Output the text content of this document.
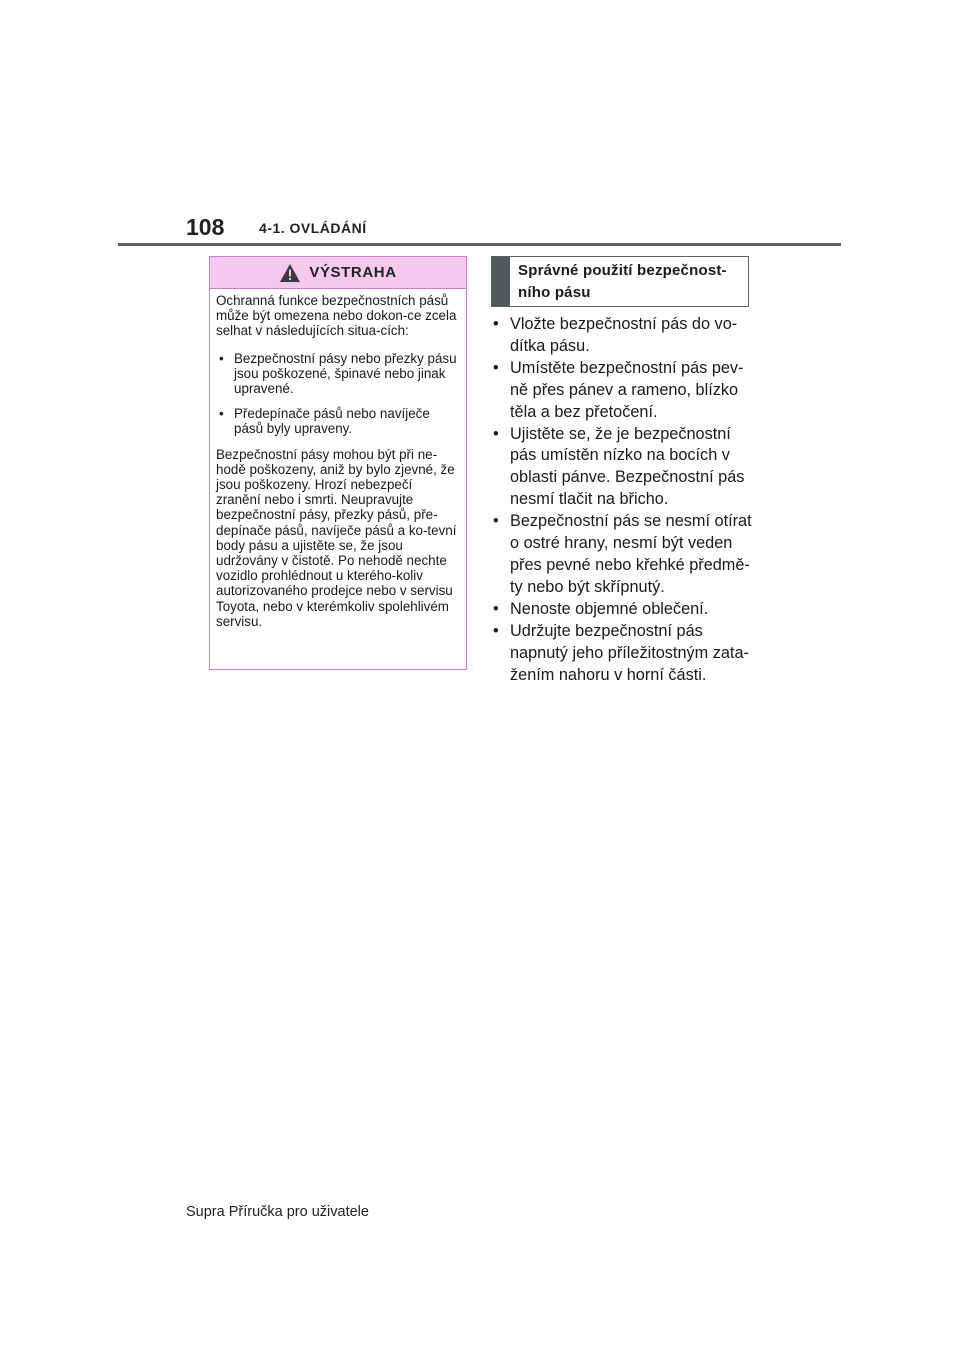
108 4-1. OVLÁDÁNÍ
VÝSTRAHA

Ochranná funkce bezpečnostních pásů může být omezena nebo dokon-ce zcela selhat v následujících situa-cích:

• Bezpečnostní pásy nebo přezky pásu jsou poškozené, špinavé nebo jinak upravené.
• Předepínače pásů nebo navíječe pásů byly upraveny.

Bezpečnostní pásy mohou být při ne-hodě poškozeny, aniž by bylo zjevné, že jsou poškozeny. Hrozí nebezpečí zranění nebo i smrti. Neupravujte bezpečnostní pásy, přezky pásů, pře-depínače pásů, navíječe pásů a ko-tevní body pásu a ujistěte se, že jsou udržovány v čistotě. Po nehodě nechte vozidlo prohlédnout u kterého-koliv autorizovaného prodejce nebo v servisu Toyota, nebo v kterémkoliv spolehlivém servisu.

Správné použití bezpečnost-ního pásu
• Vložte bezpečnostní pás do vo-dítka pásu.
• Umístěte bezpečnostní pás pev-ně přes pánev a rameno, blízko těla a bez přetočení.
• Ujistěte se, že je bezpečnostní pás umístěn nízko na bocích v oblasti pánve. Bezpečnostní pás nesmí tlačit na břicho.
• Bezpečnostní pás se nesmí otírat o ostré hrany, nesmí být veden přes pevné nebo křehké předmě-ty nebo být skřípnutý.
• Nenoste objemné oblečení.
• Udržujte bezpečnostní pás napnutý jeho příležitostným zata-žením nahoru v horní části.
Supra Příručka pro uživatele
